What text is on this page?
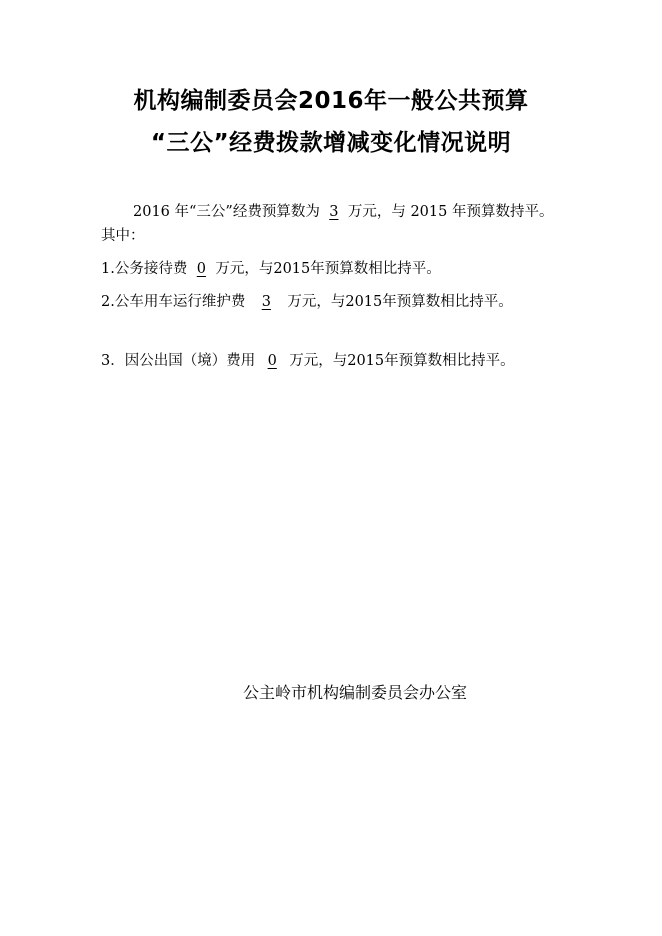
机构编制委员会2016年一般公共预算
“三公”经费拨款增减变化情况说明
2016 年“三公”经费预算数为 3 万元，与 2015 年预算数持平。其中：
1.公务接待费 0 万元，与2015年预算数相比持平。
2.公车用车运行维护费 3 万元，与2015年预算数相比持平。
3．因公出国（境）费用 0 万元，与2015年预算数相比持平。
公主岭市机构编制委员会办公室
